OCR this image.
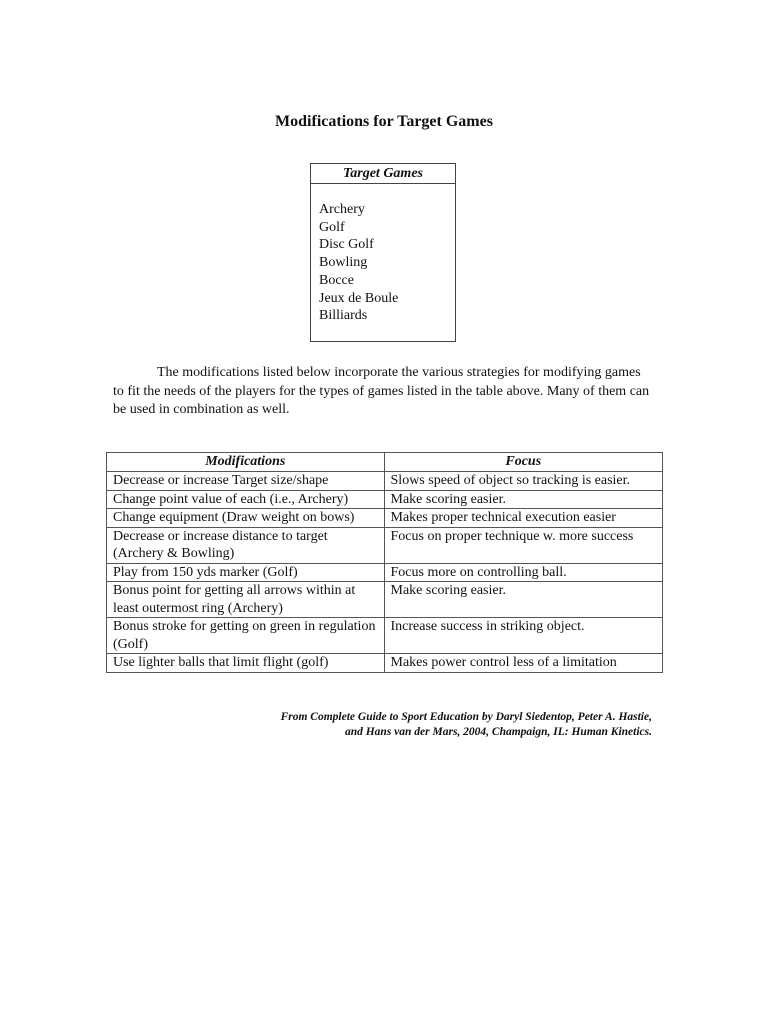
Modifications for Target Games
Target Games
Archery
Golf
Disc Golf
Bowling
Bocce
Jeux de Boule
Billiards

The modifications listed below incorporate the various strategies for modifying games to fit the needs of the players for the types of games listed in the table above. Many of them can be used in combination as well.

Modifications	Focus
Decrease or increase Target size/shape	Slows speed of object so tracking is easier.
Change point value of each (i.e., Archery)	Make scoring easier.
Change equipment (Draw weight on bows)	Makes proper technical execution easier
Decrease or increase distance to target (Archery & Bowling)	Focus on proper technique w. more success
Play from 150 yds marker (Golf)	Focus more on controlling ball.
Bonus point for getting all arrows within at least outermost ring (Archery)	Make scoring easier.
Bonus stroke for getting on green in regulation (Golf)	Increase success in striking object.
Use lighter balls that limit flight (golf)	Makes power control less of a limitation

From Complete Guide to Sport Education by Daryl Siedentop, Peter A. Hastie,
and Hans van der Mars, 2004, Champaign, IL: Human Kinetics.
